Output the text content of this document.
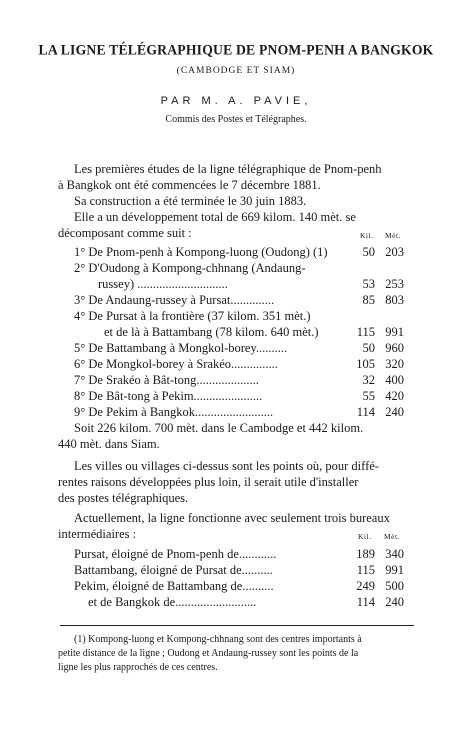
LA LIGNE TÉLÉGRAPHIQUE DE PNOM-PENH A BANGKOK
(CAMBODGE ET SIAM)
PAR M. A. PAVIE,
Commis des Postes et Télégraphes.
Les premières études de la ligne télégraphique de Pnom-penh
à Bangkok ont été commencées le 7 décembre 1881.
Sa construction a été terminée le 30 juin 1883.
Elle a un développement total de 669 kilom. 140 mèt. se
décomposant comme suit :	Kil. Mèt.
1° De Pnom-penh à Kompong-luong (Oudong) (1)	50 203
2° D'Oudong à Kompong-chhnang (Andaung-
russey) .............................	53 253
3° De Andaung-russey à Pursat..............	85 803
4° De Pursat à la frontière (37 kilom. 351 mèt.)
et de là à Battambang (78 kilom. 640 mèt.)	115 991
5° De Battambang à Mongkol-borey..........	50 960
6° De Mongkol-borey à Srakéo...............	105 320
7° De Srakéo à Bât-tong....................	32 400
8° De Bât-tong à Pekim......................	55 420
9° De Pekim à Bangkok.........................	114 240
Soit 226 kilom. 700 mèt. dans le Cambodge et 442 kilom.
440 mèt. dans Siam.
Les villes ou villages ci-dessus sont les points où, pour diffé-
rentes raisons développées plus loin, il serait utile d'installer
des postes télégraphiques.
Actuellement, la ligne fonctionne avec seulement trois bureaux
intermédiaires :	Kil. Mèt.
Pursat, éloigné de Pnom-penh de............	189 340
Battambang, éloigné de Pursat de..........	115 991
Pekim, éloigné de Battambang de..........	249 500
et de Bangkok de..........................	114 240
(1) Kompong-luong et Kompong-chhnang sont des centres importants à
petite distance de la ligne ; Oudong et Andaung-russey sont les points de la
ligne les plus rapprochés de ces centres.
